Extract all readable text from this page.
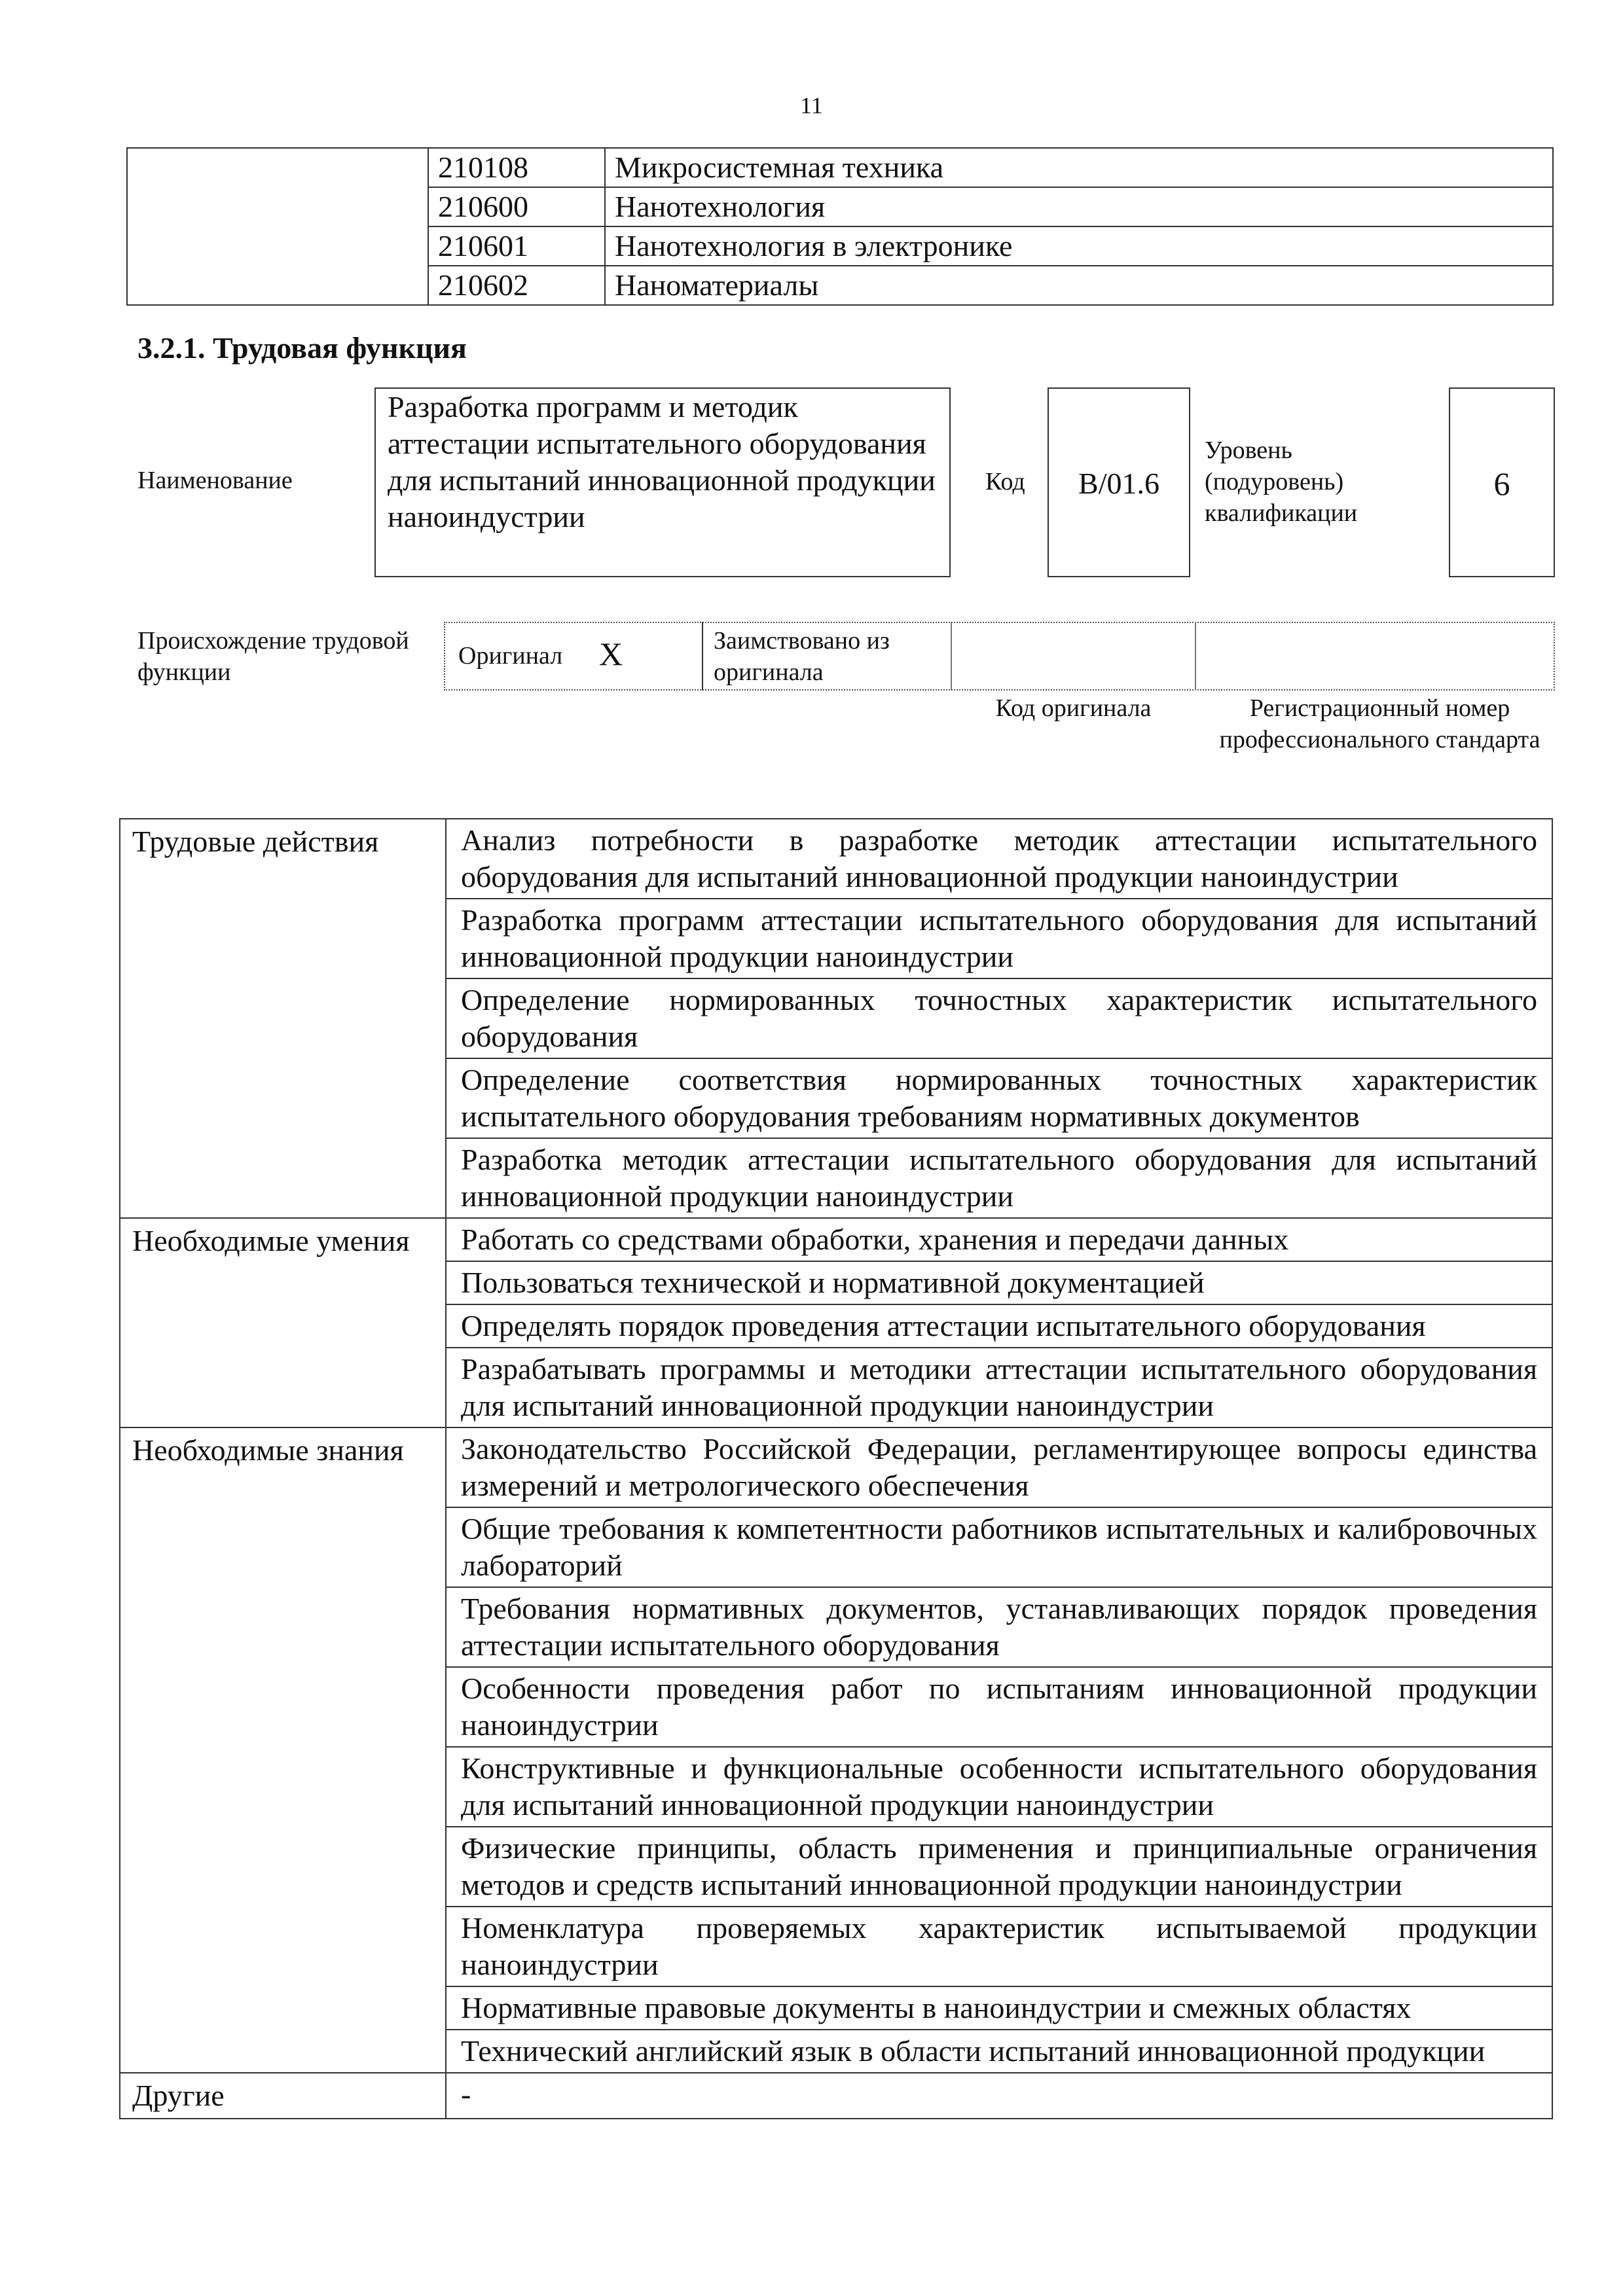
11
	210108	Микросистемная техника
	210600	Нанотехнология
	210601	Нанотехнология в электронике
	210602	Наноматериалы
3.2.1. Трудовая функция
Наименование
Разработка программ и методик аттестации испытательного оборудования для испытаний инновационной продукции наноиндустрии
Код	B/01.6
Уровень (подуровень) квалификации
6
Происхождение трудовой функции
Оригинал X	Заимствовано из оригинала
Код оригинала	Регистрационный номер профессионального стандарта
Трудовые действия	Анализ потребности в разработке методик аттестации испытательного оборудования для испытаний инновационной продукции наноиндустрии
	Разработка программ аттестации испытательного оборудования для испытаний инновационной продукции наноиндустрии
	Определение нормированных точностных характеристик испытательного оборудования
	Определение соответствия нормированных точностных характеристик испытательного оборудования требованиям нормативных документов
	Разработка методик аттестации испытательного оборудования для испытаний инновационной продукции наноиндустрии
Необходимые умения	Работать со средствами обработки, хранения и передачи данных
	Пользоваться технической и нормативной документацией
	Определять порядок проведения аттестации испытательного оборудования
	Разрабатывать программы и методики аттестации испытательного оборудования для испытаний инновационной продукции наноиндустрии
Необходимые знания	Законодательство Российской Федерации, регламентирующее вопросы единства измерений и метрологического обеспечения
	Общие требования к компетентности работников испытательных и калибровочных лабораторий
	Требования нормативных документов, устанавливающих порядок проведения аттестации испытательного оборудования
	Особенности проведения работ по испытаниям инновационной продукции наноиндустрии
	Конструктивные и функциональные особенности испытательного оборудования для испытаний инновационной продукции наноиндустрии
	Физические принципы, область применения и принципиальные ограничения методов и средств испытаний инновационной продукции наноиндустрии
	Номенклатура проверяемых характеристик испытываемой продукции наноиндустрии
	Нормативные правовые документы в наноиндустрии и смежных областях
	Технический английский язык в области испытаний инновационной продукции
Другие	-
